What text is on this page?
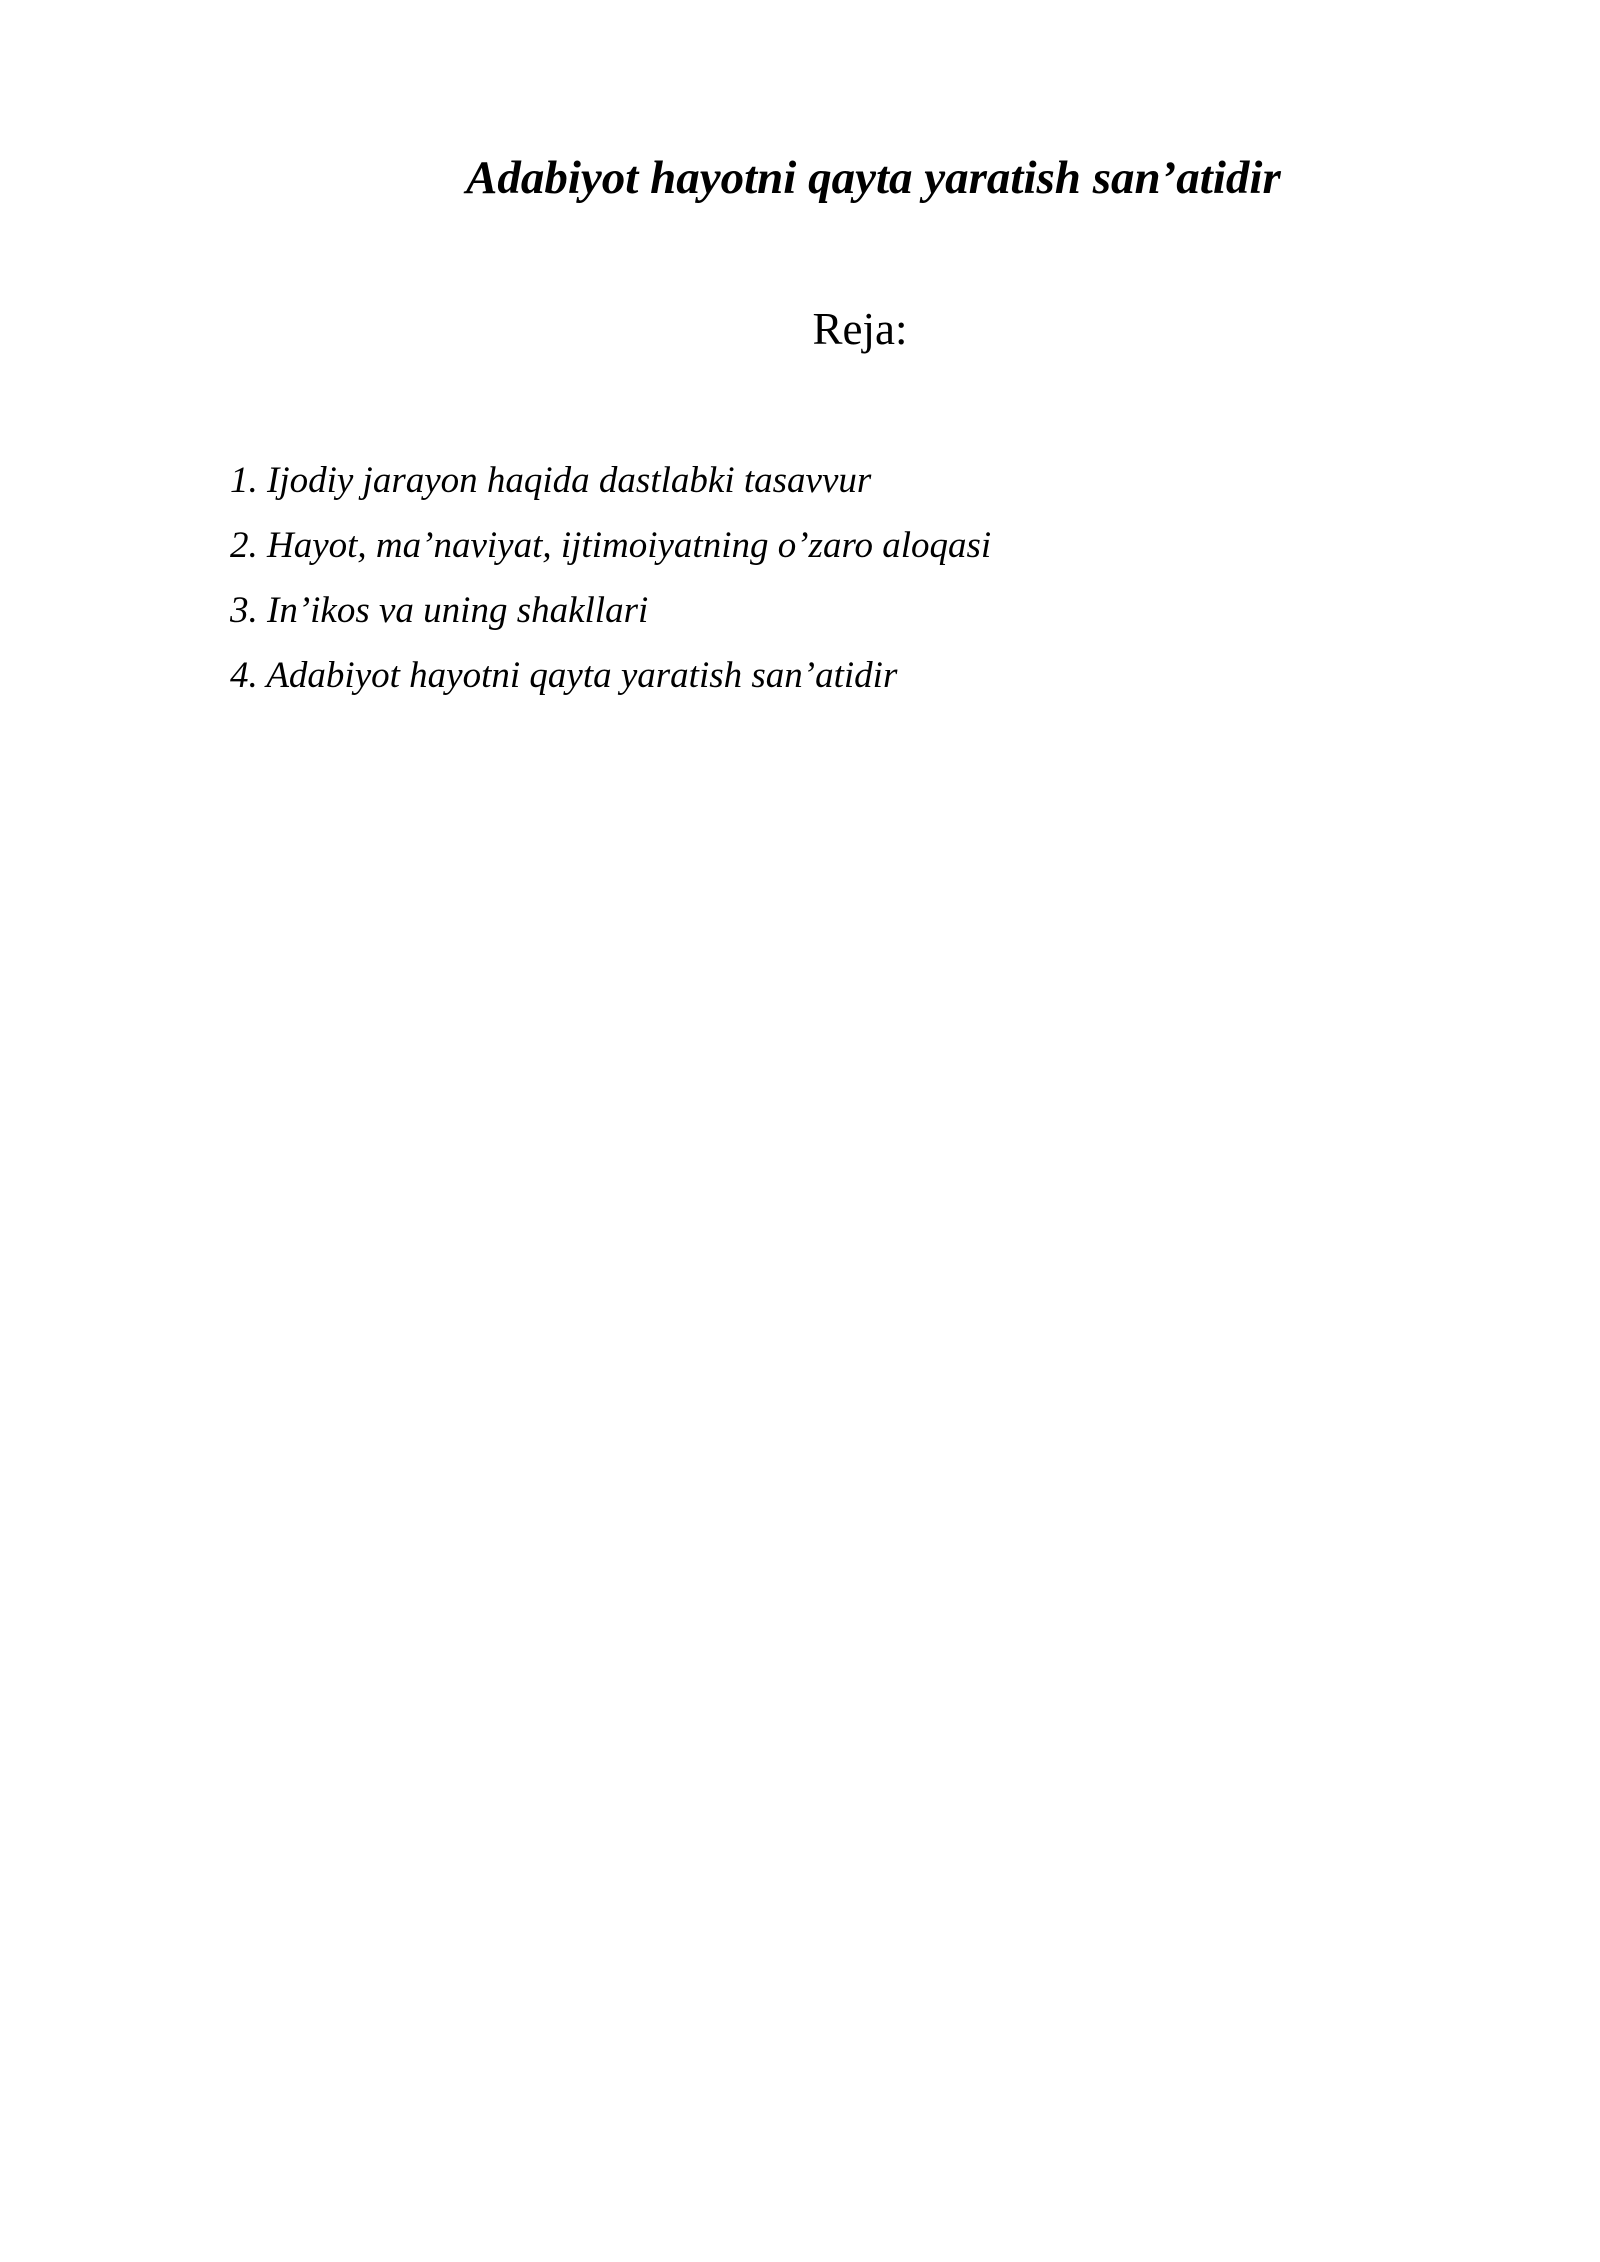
Adabiyot hayotni qayta yaratish san’atidir
Reja:
1. Ijodiy jarayon haqida dastlabki tasavvur
2. Hayot, ma’naviyat, ijtimoiyatning o’zaro aloqasi
3. In’ikos va uning shakllari
4. Adabiyot hayotni qayta yaratish san’atidir
